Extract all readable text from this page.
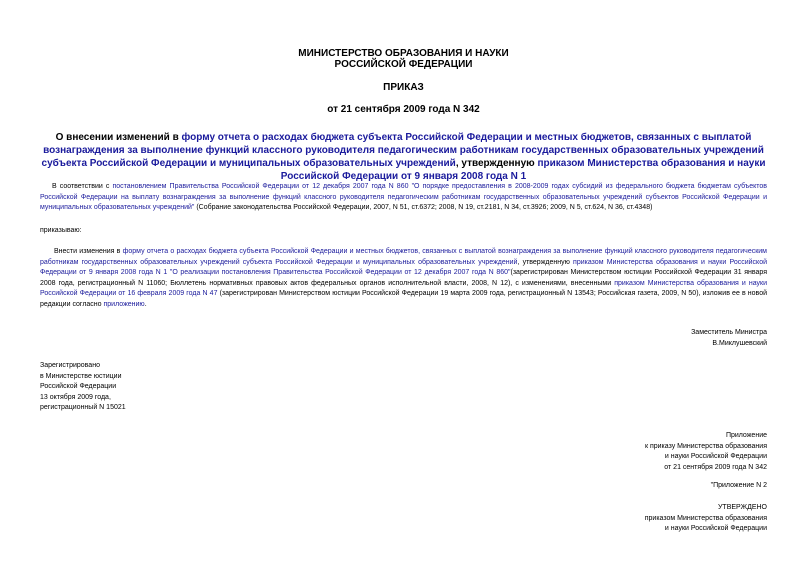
МИНИСТЕРСТВО ОБРАЗОВАНИЯ И НАУКИ
РОССИЙСКОЙ ФЕДЕРАЦИИ
ПРИКАЗ
от 21 сентября 2009 года N 342
О внесении изменений в форму отчета о расходах бюджета субъекта Российской Федерации и местных бюджетов, связанных с выплатой вознаграждения за выполнение функций классного руководителя педагогическим работникам государственных образовательных учреждений субъекта Российской Федерации и муниципальных образовательных учреждений, утвержденную приказом Министерства образования и науки Российской Федерации от 9 января 2008 года N 1
В соответствии с постановлением Правительства Российской Федерации от 12 декабря 2007 года N 860 "О порядке предоставления в 2008-2009 годах субсидий из федерального бюджета бюджетам субъектов Российской Федерации на выплату вознаграждения за выполнение функций классного руководителя педагогическим работникам государственных образовательных учреждений субъектов Российской Федерации и муниципальных образовательных учреждений" (Собрание законодательства Российской Федерации, 2007, N 51, ст.6372; 2008, N 19, ст.2181, N 34, ст.3926; 2009, N 5, ст.624, N 36, ст.4348)
приказываю:
Внести изменения в форму отчета о расходах бюджета субъекта Российской Федерации и местных бюджетов, связанных с выплатой вознаграждения за выполнение функций классного руководителя педагогическим работникам государственных образовательных учреждений субъекта Российской Федерации и муниципальных образовательных учреждений, утвержденную приказом Министерства образования и науки Российской Федерации от 9 января 2008 года N 1 "О реализации постановления Правительства Российской Федерации от 12 декабря 2007 года N 860"(зарегистрирован Министерством юстиции Российской Федерации 31 января 2008 года, регистрационный N 11060; Бюллетень нормативных правовых актов федеральных органов исполнительной власти, 2008, N 12), с изменениями, внесенными приказом Министерства образования и науки Российской Федерации от 16 февраля 2009 года N 47 (зарегистрирован Министерством юстиции Российской Федерации 19 марта 2009 года, регистрационный N 13543; Российская газета, 2009, N 50), изложив ее в новой редакции согласно приложению.
Заместитель Министра
В.Миклушевский
Зарегистрировано
в Министерстве юстиции
Российской Федерации
13 октября 2009 года,
регистрационный N 15021
Приложение
к приказу Министерства образования
и науки Российской Федерации
от 21 сентября 2009 года N 342
"Приложение N 2
УТВЕРЖДЕНО
приказом Министерства образования
и науки Российской Федерации
